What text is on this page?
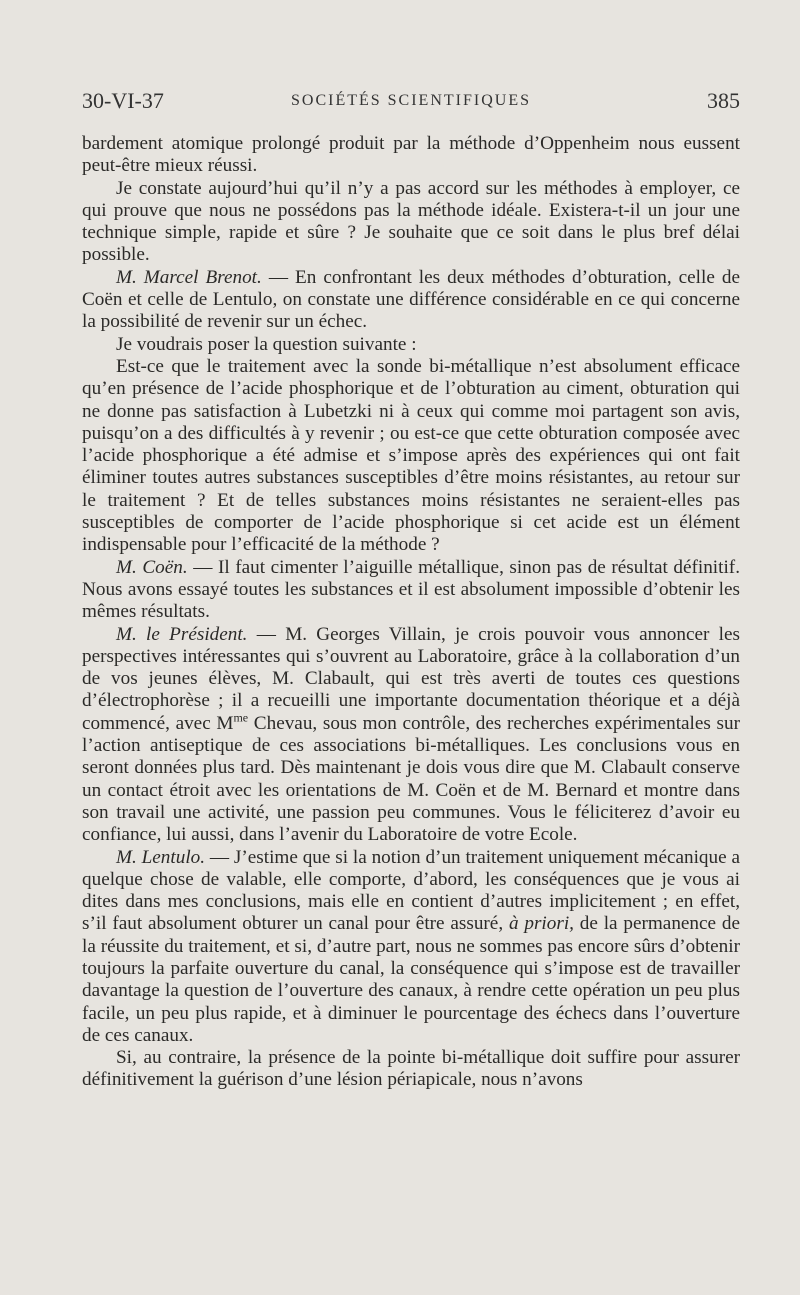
30-VI-37	SOCIÉTÉS SCIENTIFIQUES	385

bardement atomique prolongé produit par la méthode d’Oppenheim nous eussent peut-être mieux réussi.

Je constate aujourd’hui qu’il n’y a pas accord sur les méthodes à employer, ce qui prouve que nous ne possédons pas la méthode idéale. Existera-t-il un jour une technique simple, rapide et sûre ? Je souhaite que ce soit dans le plus bref délai possible.

M. Marcel Brenot. — En confrontant les deux méthodes d’obturation, celle de Coën et celle de Lentulo, on constate une différence considérable en ce qui concerne la possibilité de revenir sur un échec.

Je voudrais poser la question suivante :

Est-ce que le traitement avec la sonde bi-métallique n’est absolument efficace qu’en présence de l’acide phosphorique et de l’obturation au ciment, obturation qui ne donne pas satisfaction à Lubetzki ni à ceux qui comme moi partagent son avis, puisqu’on a des difficultés à y revenir ; ou est-ce que cette obturation composée avec l’acide phosphorique a été admise et s’impose après des expériences qui ont fait éliminer toutes autres substances susceptibles d’être moins résistantes, au retour sur le traitement ? Et de telles substances moins résistantes ne seraient-elles pas susceptibles de comporter de l’acide phosphorique si cet acide est un élément indispensable pour l’efficacité de la méthode ?

M. Coën. — Il faut cimenter l’aiguille métallique, sinon pas de résultat définitif. Nous avons essayé toutes les substances et il est absolument impossible d’obtenir les mêmes résultats.

M. le Président. — M. Georges Villain, je crois pouvoir vous annoncer les perspectives intéressantes qui s’ouvrent au Laboratoire, grâce à la collaboration d’un de vos jeunes élèves, M. Clabault, qui est très averti de toutes ces questions d’électrophorèse ; il a recueilli une importante documentation théorique et a déjà commencé, avec $M^{me}$ Chevau, sous mon contrôle, des recherches expérimentales sur l’action antiseptique de ces associations bi-métalliques. Les conclusions vous en seront données plus tard. Dès maintenant je dois vous dire que M. Clabault conserve un contact étroit avec les orientations de M. Coën et de M. Bernard et montre dans son travail une activité, une passion peu communes. Vous le féliciterez d’avoir eu confiance, lui aussi, dans l’avenir du Laboratoire de votre Ecole.

M. Lentulo. — J’estime que si la notion d’un traitement uniquement mécanique a quelque chose de valable, elle comporte, d’abord, les conséquences que je vous ai dites dans mes conclusions, mais elle en contient d’autres implicitement ; en effet, s’il faut absolument obturer un canal pour être assuré, à priori, de la permanence de la réussite du traitement, et si, d’autre part, nous ne sommes pas encore sûrs d’obtenir toujours la parfaite ouverture du canal, la conséquence qui s’impose est de travailler davantage la question de l’ouverture des canaux, à rendre cette opération un peu plus facile, un peu plus rapide, et à diminuer le pourcentage des échecs dans l’ouverture de ces canaux.

Si, au contraire, la présence de la pointe bi-métallique doit suffire pour assurer définitivement la guérison d’une lésion périapicale, nous n’avons
